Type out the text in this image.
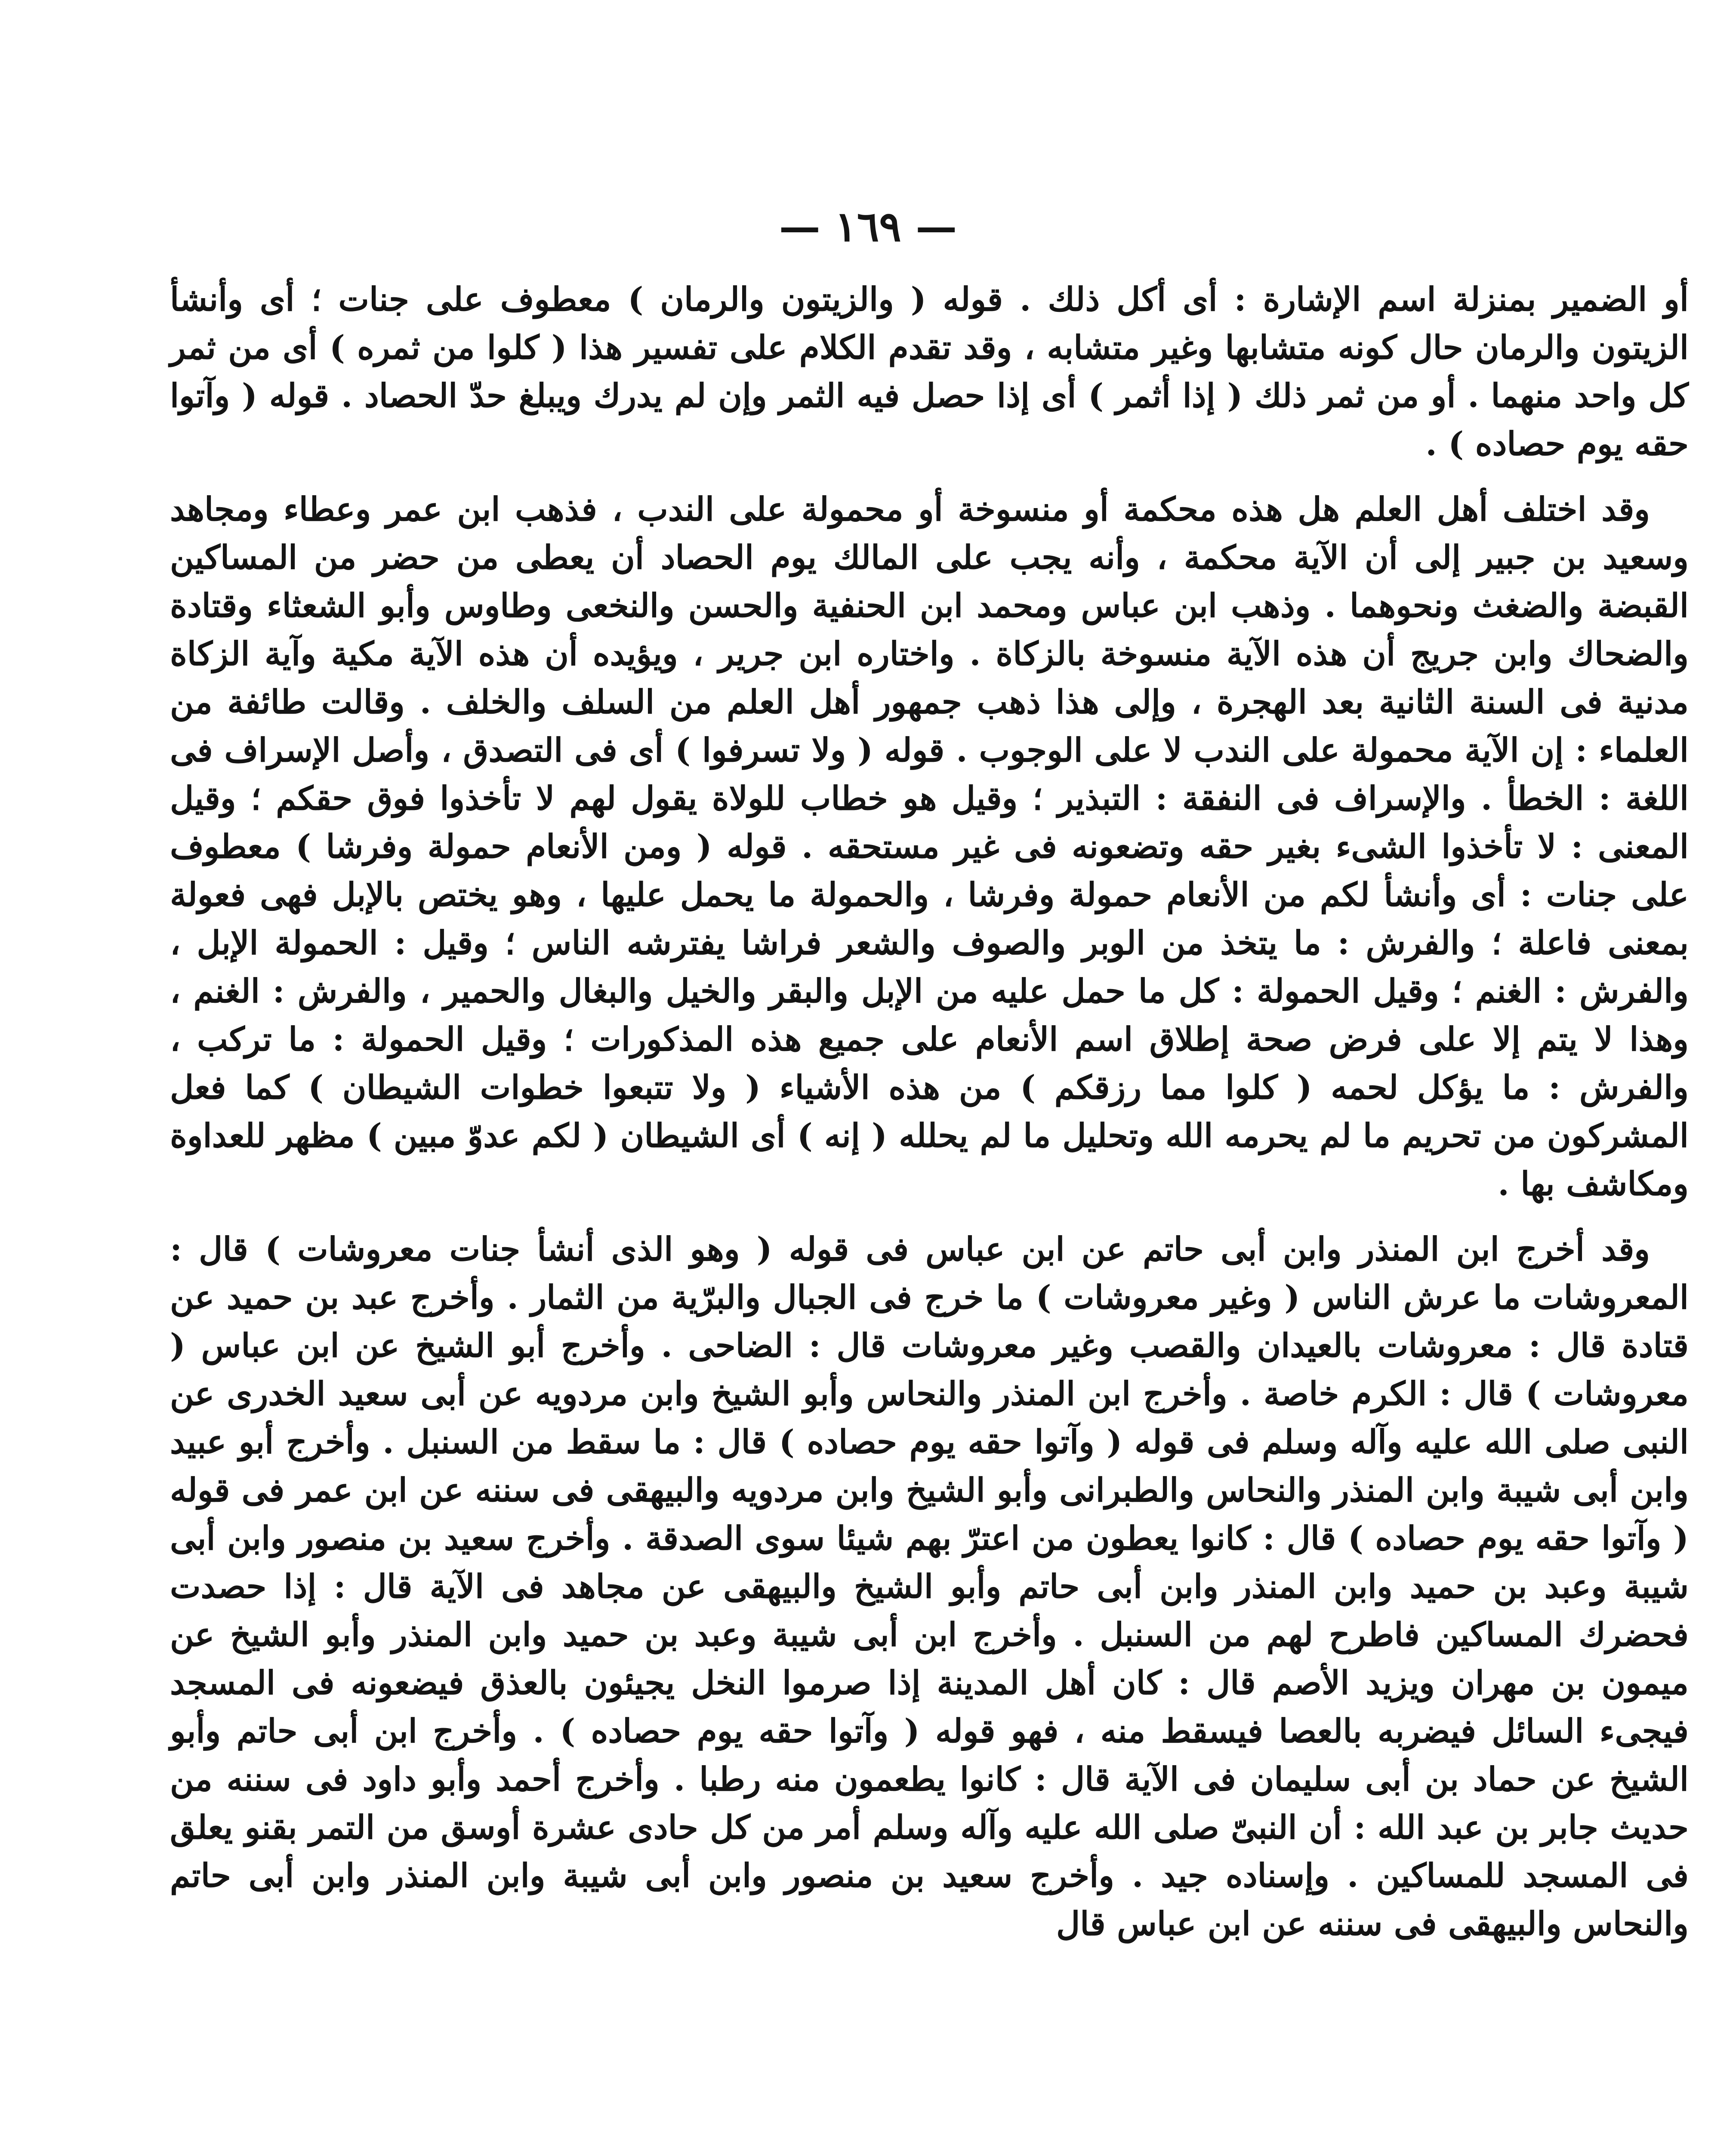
— ١٦٩ —

أو الضمير بمنزلة اسم الإشارة : أى أكل ذلك . قوله ( والزيتون والرمان ) معطوف على جنات ؛ أى وأنشأ الزيتون والرمان حال كونه متشابها وغير متشابه ، وقد تقدم الكلام على تفسير هذا ( كلوا من ثمره ) أى من ثمر كل واحد منهما . أو من ثمر ذلك ( إذا أثمر ) أى إذا حصل فيه الثمر وإن لم يدرك ويبلغ حدّ الحصاد . قوله ( وآتوا حقه يوم حصاده ) .

وقد اختلف أهل العلم هل هذه محكمة أو منسوخة أو محمولة على الندب ، فذهب ابن عمر وعطاء ومجاهد وسعيد بن جبير إلى أن الآية محكمة ، وأنه يجب على المالك يوم الحصاد أن يعطى من حضر من المساكين القبضة والضغث ونحوهما . وذهب ابن عباس ومحمد ابن الحنفية والحسن والنخعى وطاوس وأبو الشعثاء وقتادة والضحاك وابن جريج أن هذه الآية منسوخة بالزكاة . واختاره ابن جرير ، ويؤيده أن هذه الآية مكية وآية الزكاة مدنية فى السنة الثانية بعد الهجرة ، وإلى هذا ذهب جمهور أهل العلم من السلف والخلف . وقالت طائفة من العلماء : إن الآية محمولة على الندب لا على الوجوب . قوله ( ولا تسرفوا ) أى فى التصدق ، وأصل الإسراف فى اللغة : الخطأ . والإسراف فى النفقة : التبذير ؛ وقيل هو خطاب للولاة يقول لهم لا تأخذوا فوق حقكم ؛ وقيل المعنى : لا تأخذوا الشىء بغير حقه وتضعونه فى غير مستحقه . قوله ( ومن الأنعام حمولة وفرشا ) معطوف على جنات : أى وأنشأ لكم من الأنعام حمولة وفرشا ، والحمولة ما يحمل عليها ، وهو يختص بالإبل فهى فعولة بمعنى فاعلة ؛ والفرش : ما يتخذ من الوبر والصوف والشعر فراشا يفترشه الناس ؛ وقيل : الحمولة الإبل ، والفرش : الغنم ؛ وقيل الحمولة : كل ما حمل عليه من الإبل والبقر والخيل والبغال والحمير ، والفرش : الغنم ، وهذا لا يتم إلا على فرض صحة إطلاق اسم الأنعام على جميع هذه المذكورات ؛ وقيل الحمولة : ما تركب ، والفرش : ما يؤكل لحمه ( كلوا مما رزقكم ) من هذه الأشياء ( ولا تتبعوا خطوات الشيطان ) كما فعل المشركون من تحريم ما لم يحرمه الله وتحليل ما لم يحلله ( إنه ) أى الشيطان ( لكم عدوّ مبين ) مظهر للعداوة ومكاشف بها .

وقد أخرج ابن المنذر وابن أبى حاتم عن ابن عباس فى قوله ( وهو الذى أنشأ جنات معروشات ) قال : المعروشات ما عرش الناس ( وغير معروشات ) ما خرج فى الجبال والبرّية من الثمار . وأخرج عبد بن حميد عن قتادة قال : معروشات بالعيدان والقصب وغير معروشات قال : الضاحى . وأخرج أبو الشيخ عن ابن عباس ( معروشات ) قال : الكرم خاصة . وأخرج ابن المنذر والنحاس وأبو الشيخ وابن مردويه عن أبى سعيد الخدرى عن النبى صلى الله عليه وآله وسلم فى قوله ( وآتوا حقه يوم حصاده ) قال : ما سقط من السنبل . وأخرج أبو عبيد وابن أبى شيبة وابن المنذر والنحاس والطبرانى وأبو الشيخ وابن مردويه والبيهقى فى سننه عن ابن عمر فى قوله ( وآتوا حقه يوم حصاده ) قال : كانوا يعطون من اعترّ بهم شيئا سوى الصدقة . وأخرج سعيد بن منصور وابن أبى شيبة وعبد بن حميد وابن المنذر وابن أبى حاتم وأبو الشيخ والبيهقى عن مجاهد فى الآية قال : إذا حصدت فحضرك المساكين فاطرح لهم من السنبل . وأخرج ابن أبى شيبة وعبد بن حميد وابن المنذر وأبو الشيخ عن ميمون بن مهران ويزيد الأصم قال : كان أهل المدينة إذا صرموا النخل يجيئون بالعذق فيضعونه فى المسجد فيجىء السائل فيضربه بالعصا فيسقط منه ، فهو قوله ( وآتوا حقه يوم حصاده ) . وأخرج ابن أبى حاتم وأبو الشيخ عن حماد بن أبى سليمان فى الآية قال : كانوا يطعمون منه رطبا . وأخرج أحمد وأبو داود فى سننه من حديث جابر بن عبد الله : أن النبىّ صلى الله عليه وآله وسلم أمر من كل حادى عشرة أوسق من التمر بقنو يعلق فى المسجد للمساكين . وإسناده جيد . وأخرج سعيد بن منصور وابن أبى شيبة وابن المنذر وابن أبى حاتم والنحاس والبيهقى فى سننه عن ابن عباس قال
